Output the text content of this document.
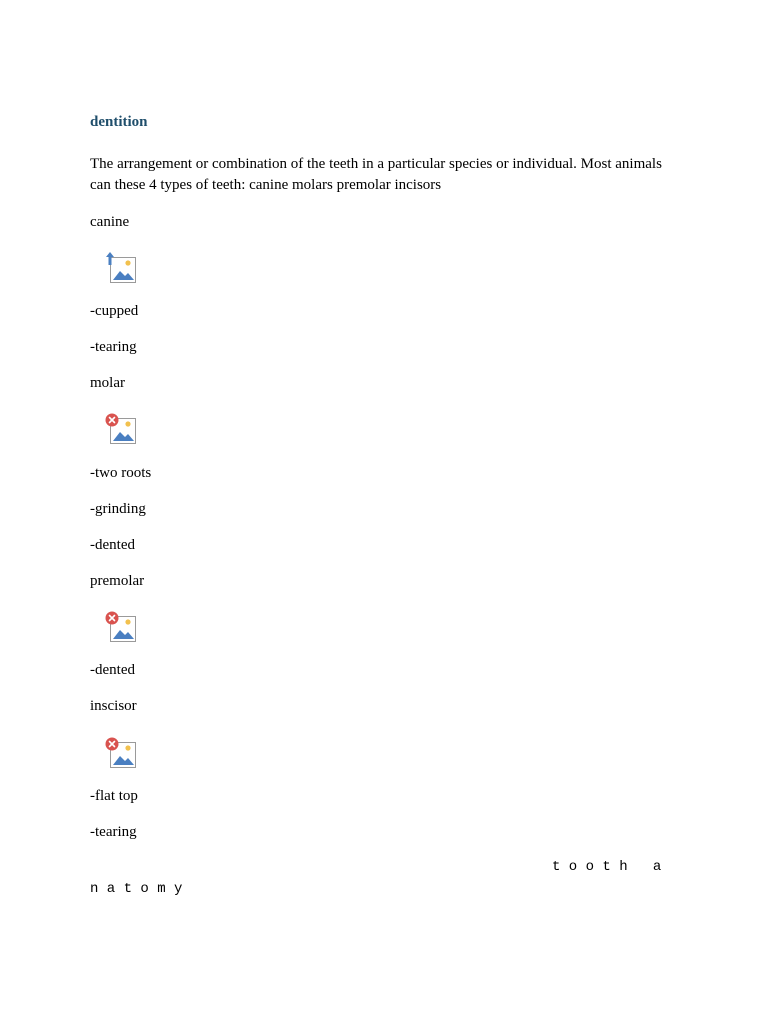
dentition
The arrangement or combination of the teeth in a particular species or individual. Most animals can these 4 types of teeth: canine molars premolar incisors
canine
-cupped
-tearing
molar
-two roots
-grinding
-dented
premolar
-dented
inscisor
-flat top
-tearing
t o o t h   a
n a t o m y
